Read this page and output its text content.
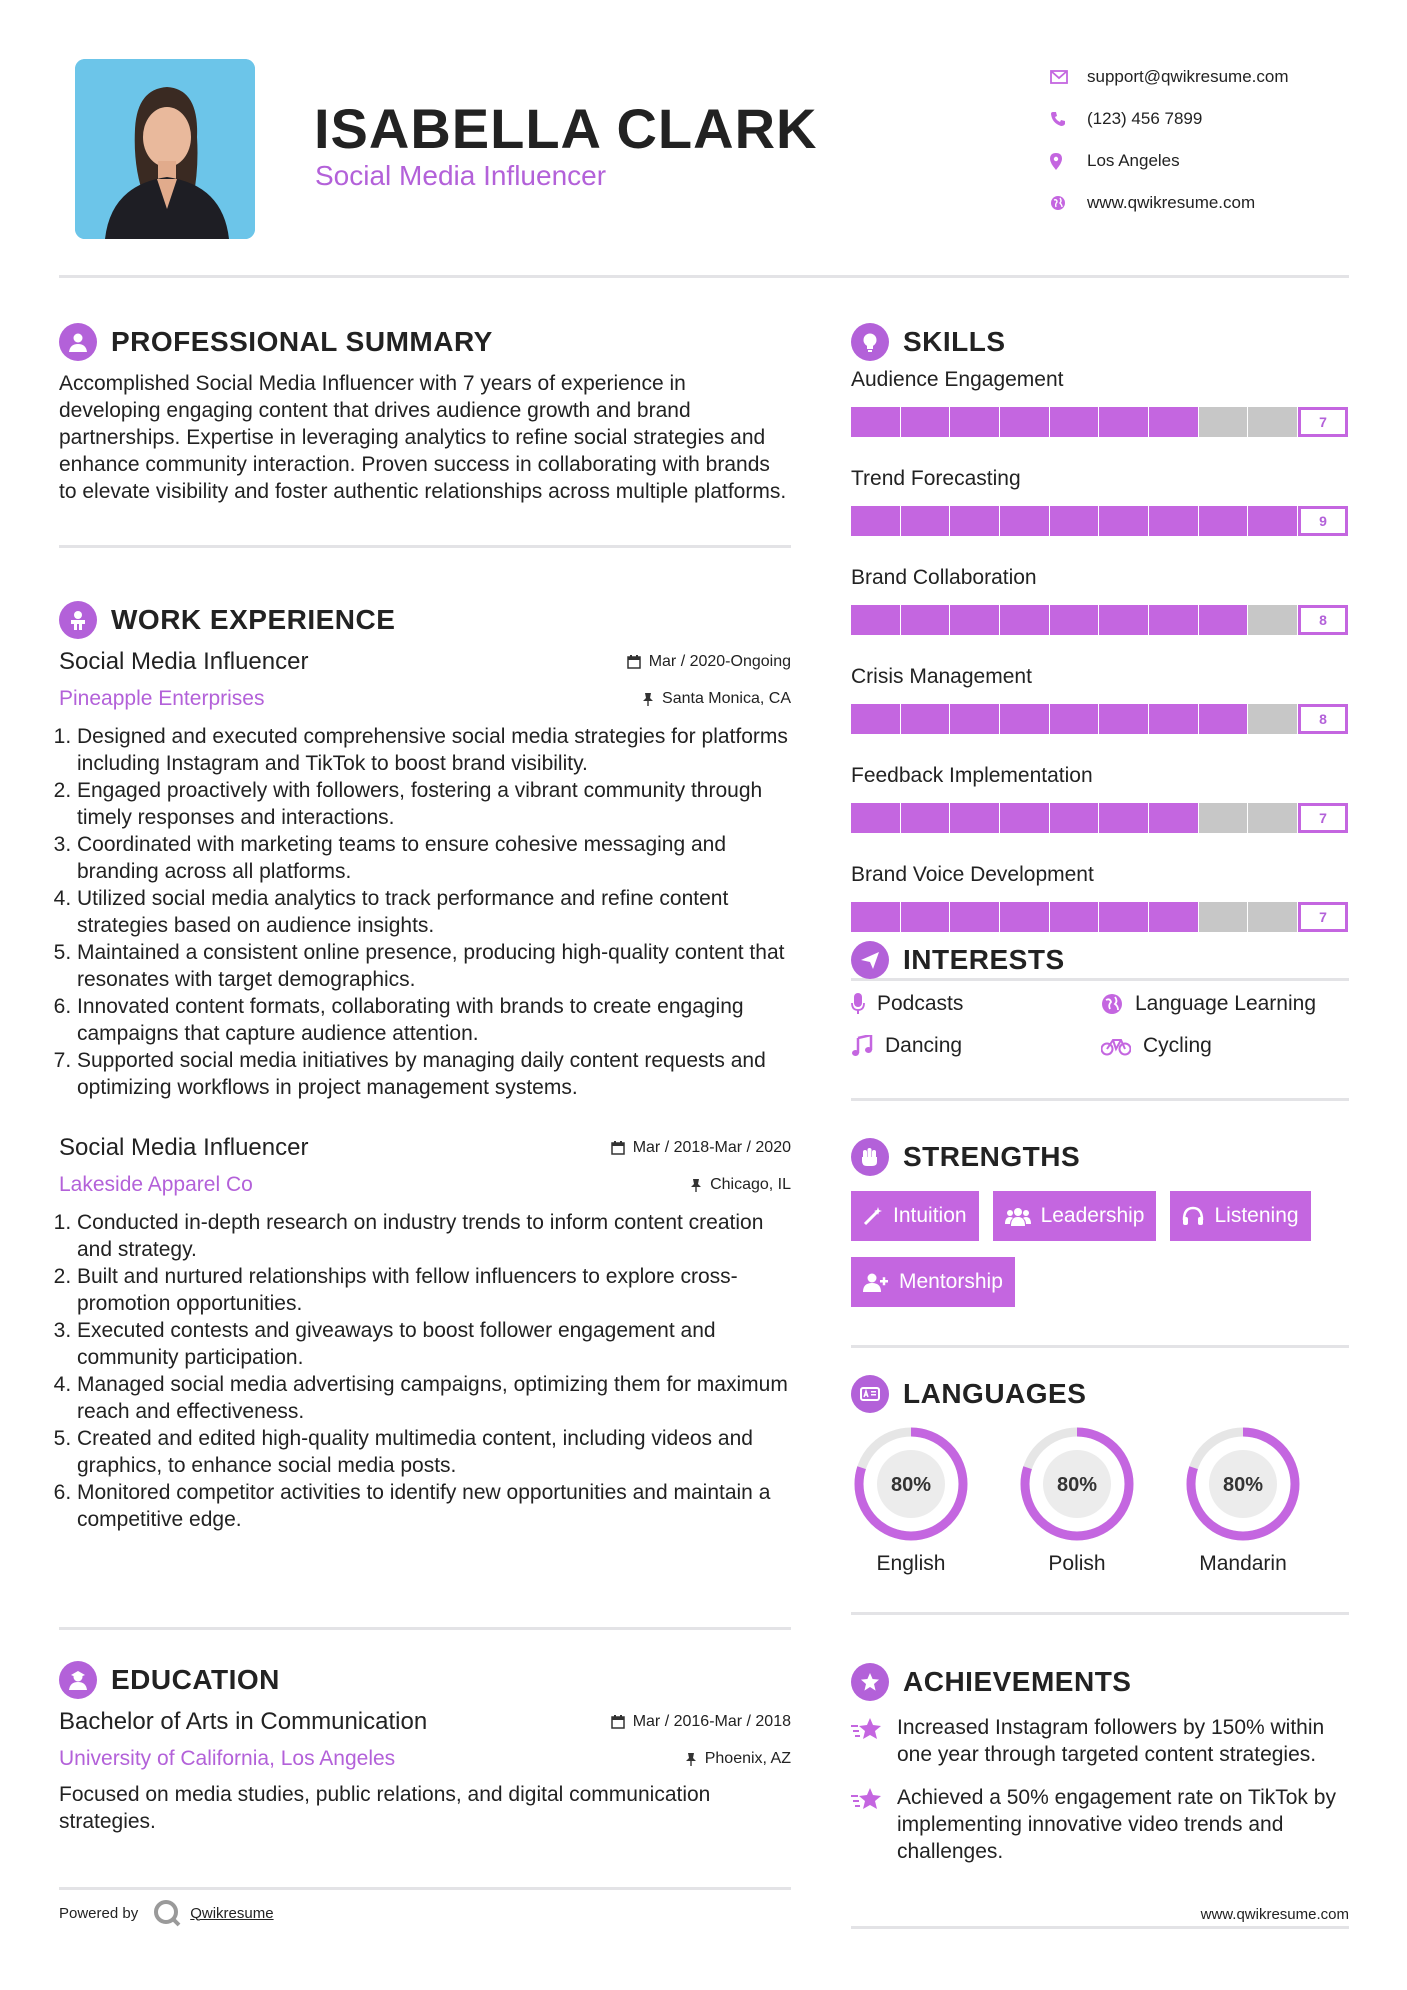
ISABELLA CLARK
Social Media Influencer
support@qwikresume.com
(123) 456 7899
Los Angeles
www.qwikresume.com
PROFESSIONAL SUMMARY
Accomplished Social Media Influencer with 7 years of experience in developing engaging content that drives audience growth and brand partnerships. Expertise in leveraging analytics to refine social strategies and enhance community interaction. Proven success in collaborating with brands to elevate visibility and foster authentic relationships across multiple platforms.
WORK EXPERIENCE
Social Media Influencer	Mar / 2020-Ongoing
Pineapple Enterprises	Santa Monica, CA
1. Designed and executed comprehensive social media strategies for platforms including Instagram and TikTok to boost brand visibility.
2. Engaged proactively with followers, fostering a vibrant community through timely responses and interactions.
3. Coordinated with marketing teams to ensure cohesive messaging and branding across all platforms.
4. Utilized social media analytics to track performance and refine content strategies based on audience insights.
5. Maintained a consistent online presence, producing high-quality content that resonates with target demographics.
6. Innovated content formats, collaborating with brands to create engaging campaigns that capture audience attention.
7. Supported social media initiatives by managing daily content requests and optimizing workflows in project management systems.
Social Media Influencer	Mar / 2018-Mar / 2020
Lakeside Apparel Co	Chicago, IL
1. Conducted in-depth research on industry trends to inform content creation and strategy.
2. Built and nurtured relationships with fellow influencers to explore cross-promotion opportunities.
3. Executed contests and giveaways to boost follower engagement and community participation.
4. Managed social media advertising campaigns, optimizing them for maximum reach and effectiveness.
5. Created and edited high-quality multimedia content, including videos and graphics, to enhance social media posts.
6. Monitored competitor activities to identify new opportunities and maintain a competitive edge.
EDUCATION
Bachelor of Arts in Communication	Mar / 2016-Mar / 2018
University of California, Los Angeles	Phoenix, AZ
Focused on media studies, public relations, and digital communication strategies.
SKILLS
Audience Engagement
7
Trend Forecasting
9
Brand Collaboration
8
Crisis Management
8
Feedback Implementation
7
Brand Voice Development
7
INTERESTS
Podcasts	Language Learning
Dancing	Cycling
STRENGTHS
Intuition	Leadership	Listening
Mentorship
LANGUAGES
80%
English
80%
Polish
80%
Mandarin
ACHIEVEMENTS
Increased Instagram followers by 150% within one year through targeted content strategies.
Achieved a 50% engagement rate on TikTok by implementing innovative video trends and challenges.
Powered by	Qwikresume	www.qwikresume.com
